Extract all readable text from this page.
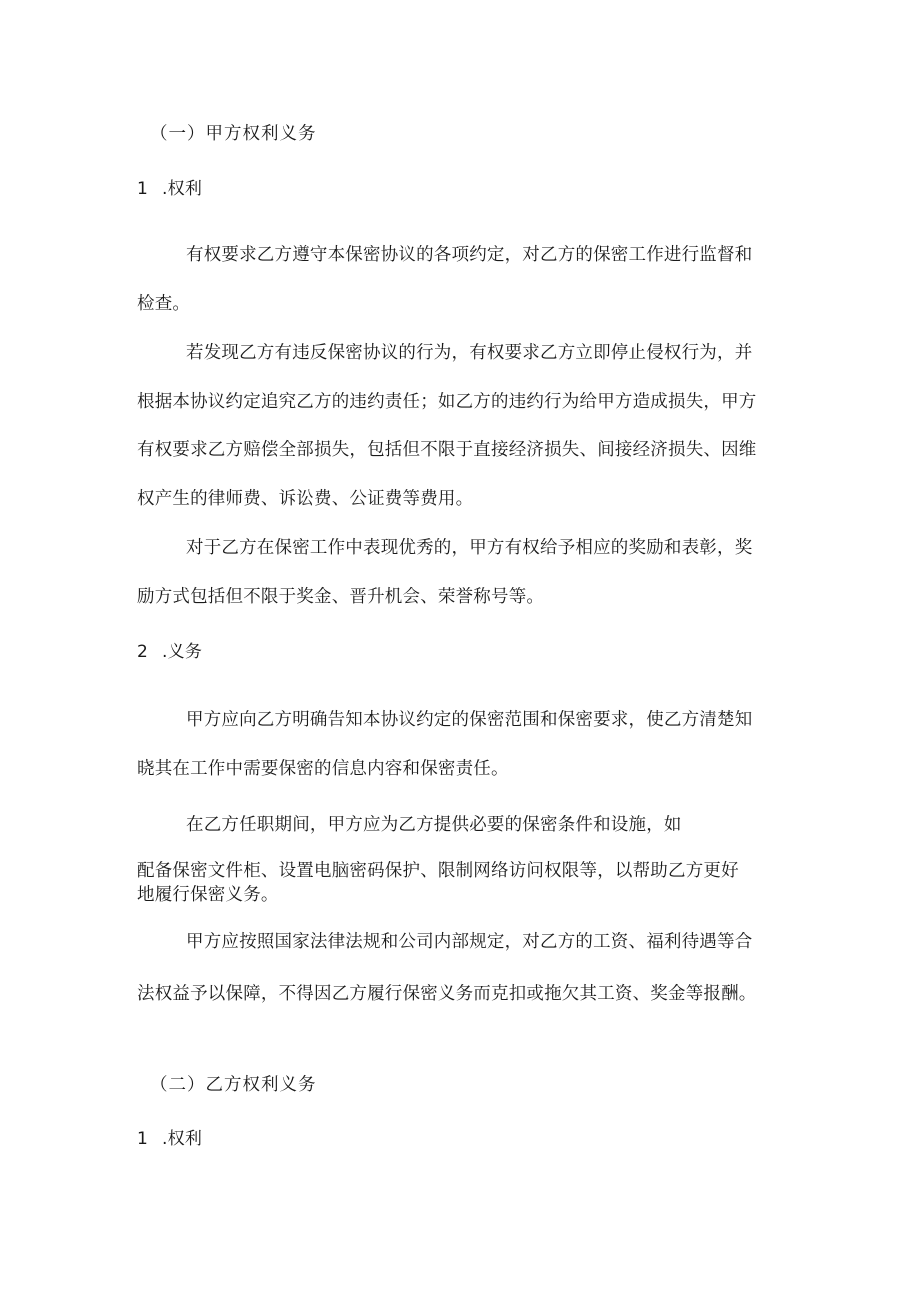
（一）甲方权利义务
1 .权利
有权要求乙方遵守本保密协议的各项约定，对乙方的保密工作进行监督和
检查。
若发现乙方有违反保密协议的行为，有权要求乙方立即停止侵权行为，并
根据本协议约定追究乙方的违约责任；如乙方的违约行为给甲方造成损失，甲方
有权要求乙方赔偿全部损失，包括但不限于直接经济损失、间接经济损失、因维
权产生的律师费、诉讼费、公证费等费用。
对于乙方在保密工作中表现优秀的，甲方有权给予相应的奖励和表彰，奖
励方式包括但不限于奖金、晋升机会、荣誉称号等。
2 .义务
甲方应向乙方明确告知本协议约定的保密范围和保密要求，使乙方清楚知
晓其在工作中需要保密的信息内容和保密责任。
在乙方任职期间，甲方应为乙方提供必要的保密条件和设施，如
配备保密文件柜、设置电脑密码保护、限制网络访问权限等，以帮助乙方更好
地履行保密义务。
甲方应按照国家法律法规和公司内部规定，对乙方的工资、福利待遇等合
法权益予以保障，不得因乙方履行保密义务而克扣或拖欠其工资、奖金等报酬。
（二）乙方权利义务
1 .权利
